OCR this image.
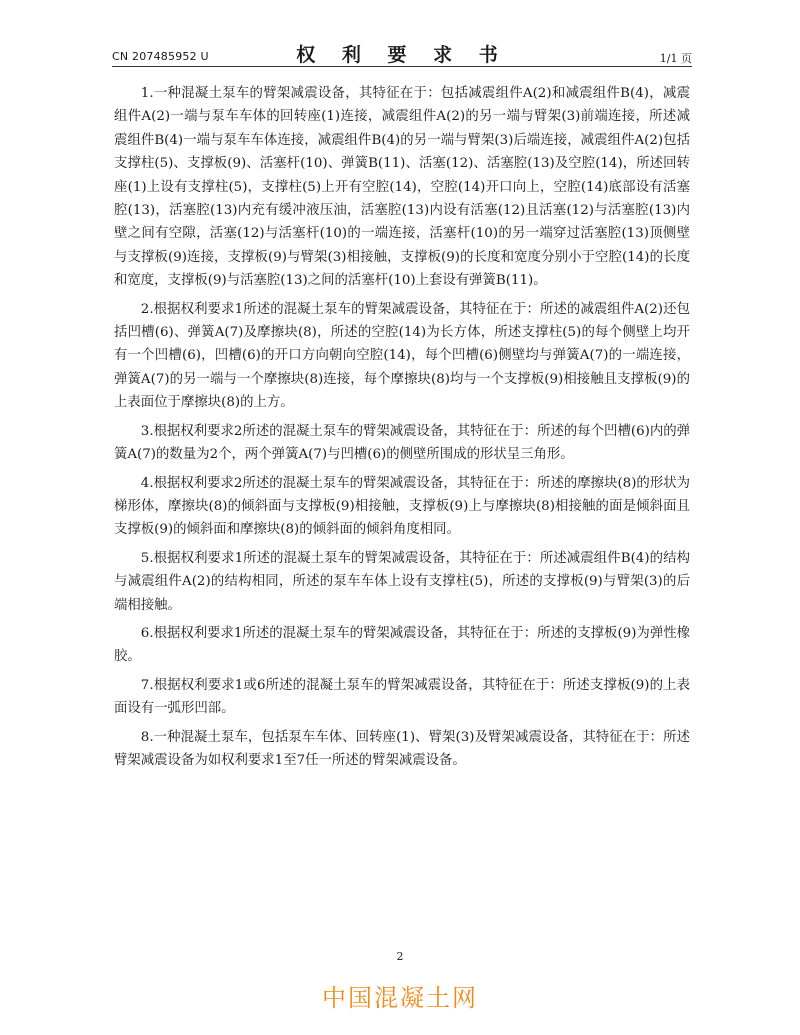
CN 207485952 U	权 利 要 求 书	1/1 页

1.一种混凝土泵车的臂架减震设备，其特征在于：包括减震组件A(2)和减震组件B(4)，减震组件A(2)一端与泵车车体的回转座(1)连接，减震组件A(2)的另一端与臂架(3)前端连接，所述减震组件B(4)一端与泵车车体连接，减震组件B(4)的另一端与臂架(3)后端连接，减震组件A(2)包括支撑柱(5)、支撑板(9)、活塞杆(10)、弹簧B(11)、活塞(12)、活塞腔(13)及空腔(14)，所述回转座(1)上设有支撑柱(5)，支撑柱(5)上开有空腔(14)，空腔(14)开口向上，空腔(14)底部设有活塞腔(13)，活塞腔(13)内充有缓冲液压油，活塞腔(13)内设有活塞(12)且活塞(12)与活塞腔(13)内壁之间有空隙，活塞(12)与活塞杆(10)的一端连接，活塞杆(10)的另一端穿过活塞腔(13)顶侧壁与支撑板(9)连接，支撑板(9)与臂架(3)相接触，支撑板(9)的长度和宽度分别小于空腔(14)的长度和宽度，支撑板(9)与活塞腔(13)之间的活塞杆(10)上套设有弹簧B(11)。

2.根据权利要求1所述的混凝土泵车的臂架减震设备，其特征在于：所述的减震组件A(2)还包括凹槽(6)、弹簧A(7)及摩擦块(8)，所述的空腔(14)为长方体，所述支撑柱(5)的每个侧壁上均开有一个凹槽(6)，凹槽(6)的开口方向朝向空腔(14)，每个凹槽(6)侧壁均与弹簧A(7)的一端连接，弹簧A(7)的另一端与一个摩擦块(8)连接，每个摩擦块(8)均与一个支撑板(9)相接触且支撑板(9)的上表面位于摩擦块(8)的上方。

3.根据权利要求2所述的混凝土泵车的臂架减震设备，其特征在于：所述的每个凹槽(6)内的弹簧A(7)的数量为2个，两个弹簧A(7)与凹槽(6)的侧壁所围成的形状呈三角形。

4.根据权利要求2所述的混凝土泵车的臂架减震设备，其特征在于：所述的摩擦块(8)的形状为梯形体，摩擦块(8)的倾斜面与支撑板(9)相接触，支撑板(9)上与摩擦块(8)相接触的面是倾斜面且支撑板(9)的倾斜面和摩擦块(8)的倾斜面的倾斜角度相同。

5.根据权利要求1所述的混凝土泵车的臂架减震设备，其特征在于：所述减震组件B(4)的结构与减震组件A(2)的结构相同，所述的泵车车体上设有支撑柱(5)，所述的支撑板(9)与臂架(3)的后端相接触。

6.根据权利要求1所述的混凝土泵车的臂架减震设备，其特征在于：所述的支撑板(9)为弹性橡胶。

7.根据权利要求1或6所述的混凝土泵车的臂架减震设备，其特征在于：所述支撑板(9)的上表面设有一弧形凹部。

8.一种混凝土泵车，包括泵车车体、回转座(1)、臂架(3)及臂架减震设备，其特征在于：所述臂架减震设备为如权利要求1至7任一所述的臂架减震设备。

2
中国混凝土网
